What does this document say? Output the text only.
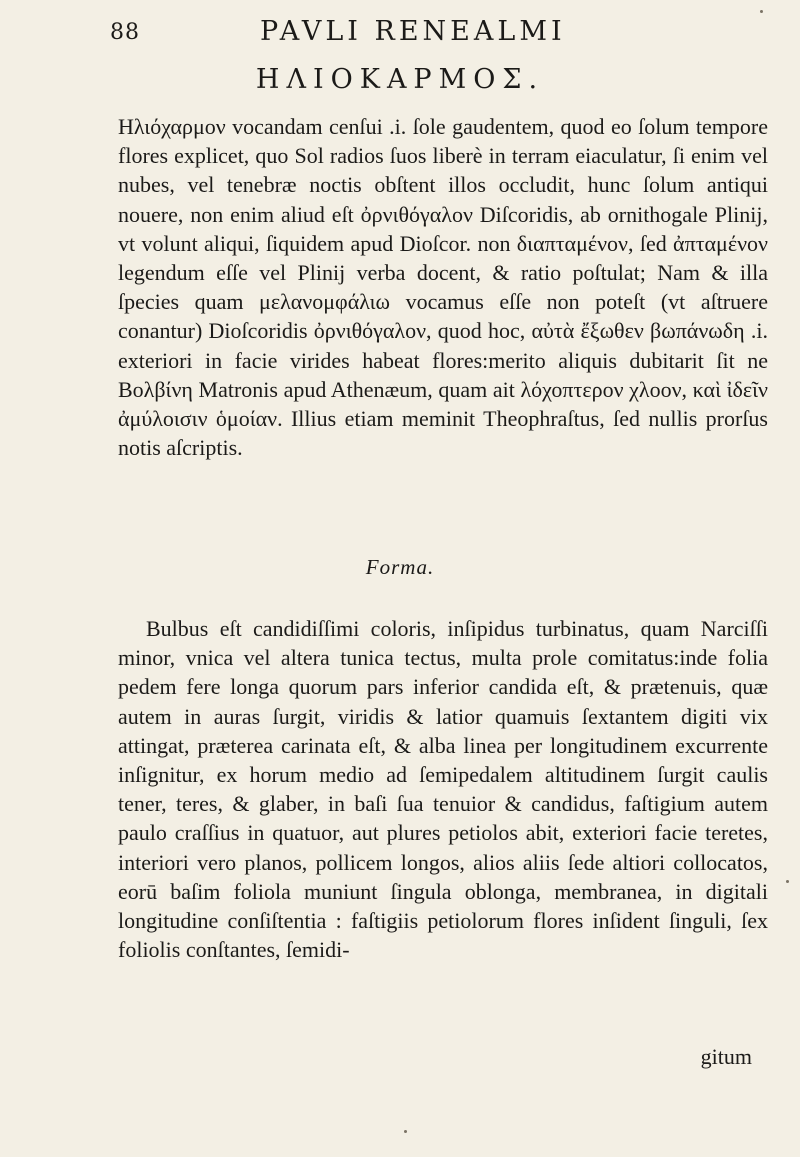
88	PAVLI RENEALMI
ΗΛΙΟΚΑΡΜΟΣ.

Ηλιόχαρμον vocandam cenſui .i. ſole gaudentem, quod eo ſolum tempore flores explicet, quo Sol radios ſuos liberè in terram eiaculatur, ſi enim vel nubes, vel tenebræ noctis obſtent illos occludit, hunc ſolum antiqui nouere, non enim aliud eſt ὀρνιθόγαλον Diſcoridis, ab ornithogale Plinij, vt volunt aliqui, ſiquidem apud Dioſcor. non διαπταμένον, ſed ἀπταμένον legendum eſſe vel Plinij verba docent, & ratio poſtulat; Nam & illa ſpecies quam μελανομφάλιω vocamus eſſe non poteſt (vt aſtruere conantur) Dioſcoridis ὀρνιθόγαλον, quod hoc, αὐτὰ ἔξωθεν βωπάνωδη .i. exteriori in facie virides habeat flores:merito aliquis dubitarit ſit ne Βολβίνη Matronis apud Athenæum, quam ait λόχοπτερον χλοον, καὶ ἰδεῖν ἀμύλοισιν ὁμοίαν. Illius etiam meminit Theophraſtus, ſed nullis prorſus notis aſcriptis.

Forma.

Bulbus eſt candidiſſimi coloris, inſipidus turbinatus, quam Narciſſi minor, vnica vel altera tunica tectus, multa prole comitatus:inde folia pedem fere longa quorum pars inferior candida eſt, & prætenuis, quæ autem in auras ſurgit, viridis & latior quamuis ſextantem digiti vix attingat, præterea carinata eſt, & alba linea per longitudinem excurrente inſignitur, ex horum medio ad ſemipedalem altitudinem ſurgit caulis tener, teres, & glaber, in baſi ſua tenuior & candidus, faſtigium autem paulo craſſius in quatuor, aut plures petiolos abit, exteriori facie teretes, interiori vero planos, pollicem longos, alios aliis ſede altiori collocatos, eorū baſim foliola muniunt ſingula oblonga, membranea, in digitali longitudine conſiſtentia : faſtigiis petiolorum flores inſident ſinguli, ſex foliolis conſtantes, ſemidi-

gitum
